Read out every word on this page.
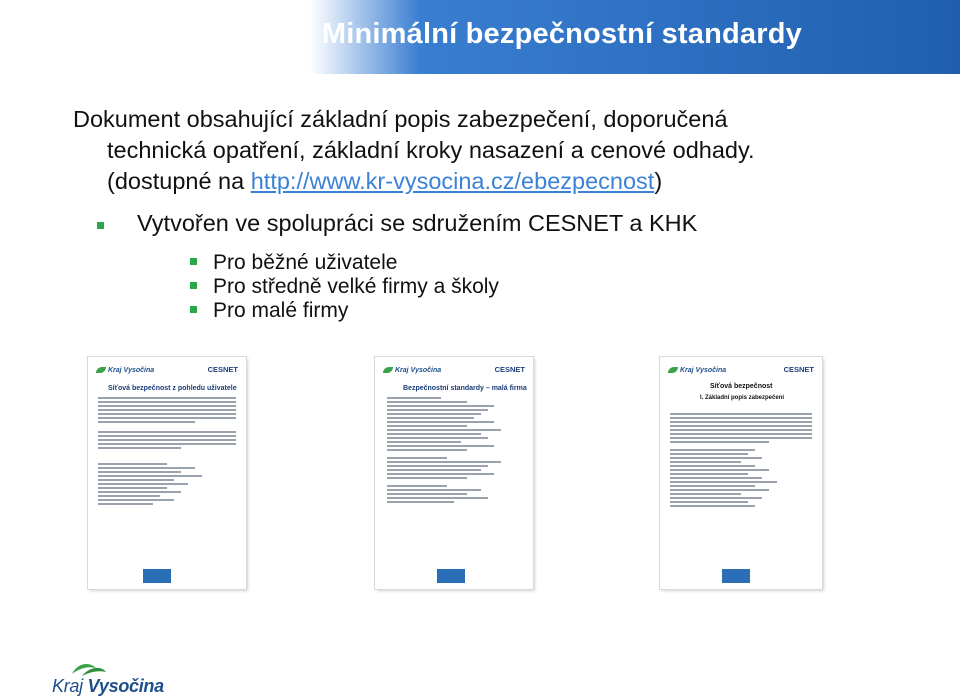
Minimální bezpečnostní standardy
Dokument obsahující základní popis zabezpečení, doporučená
technická opatření, základní kroky nasazení a cenové odhady.
(dostupné na http://www.kr-vysocina.cz/ebezpecnost)
Vytvořen ve spolupráci se sdružením CESNET a KHK
Pro běžné uživatele
Pro středně velké firmy a školy
Pro malé firmy
Kraj Vysočina	CESNET
Síťová bezpečnost z pohledu uživatele
Kraj Vysočina	CESNET
Bezpečnostní standardy – malá firma
Kraj Vysočina	CESNET
Síťová bezpečnost
I. Základní popis zabezpečení
Kraj Vysočina
